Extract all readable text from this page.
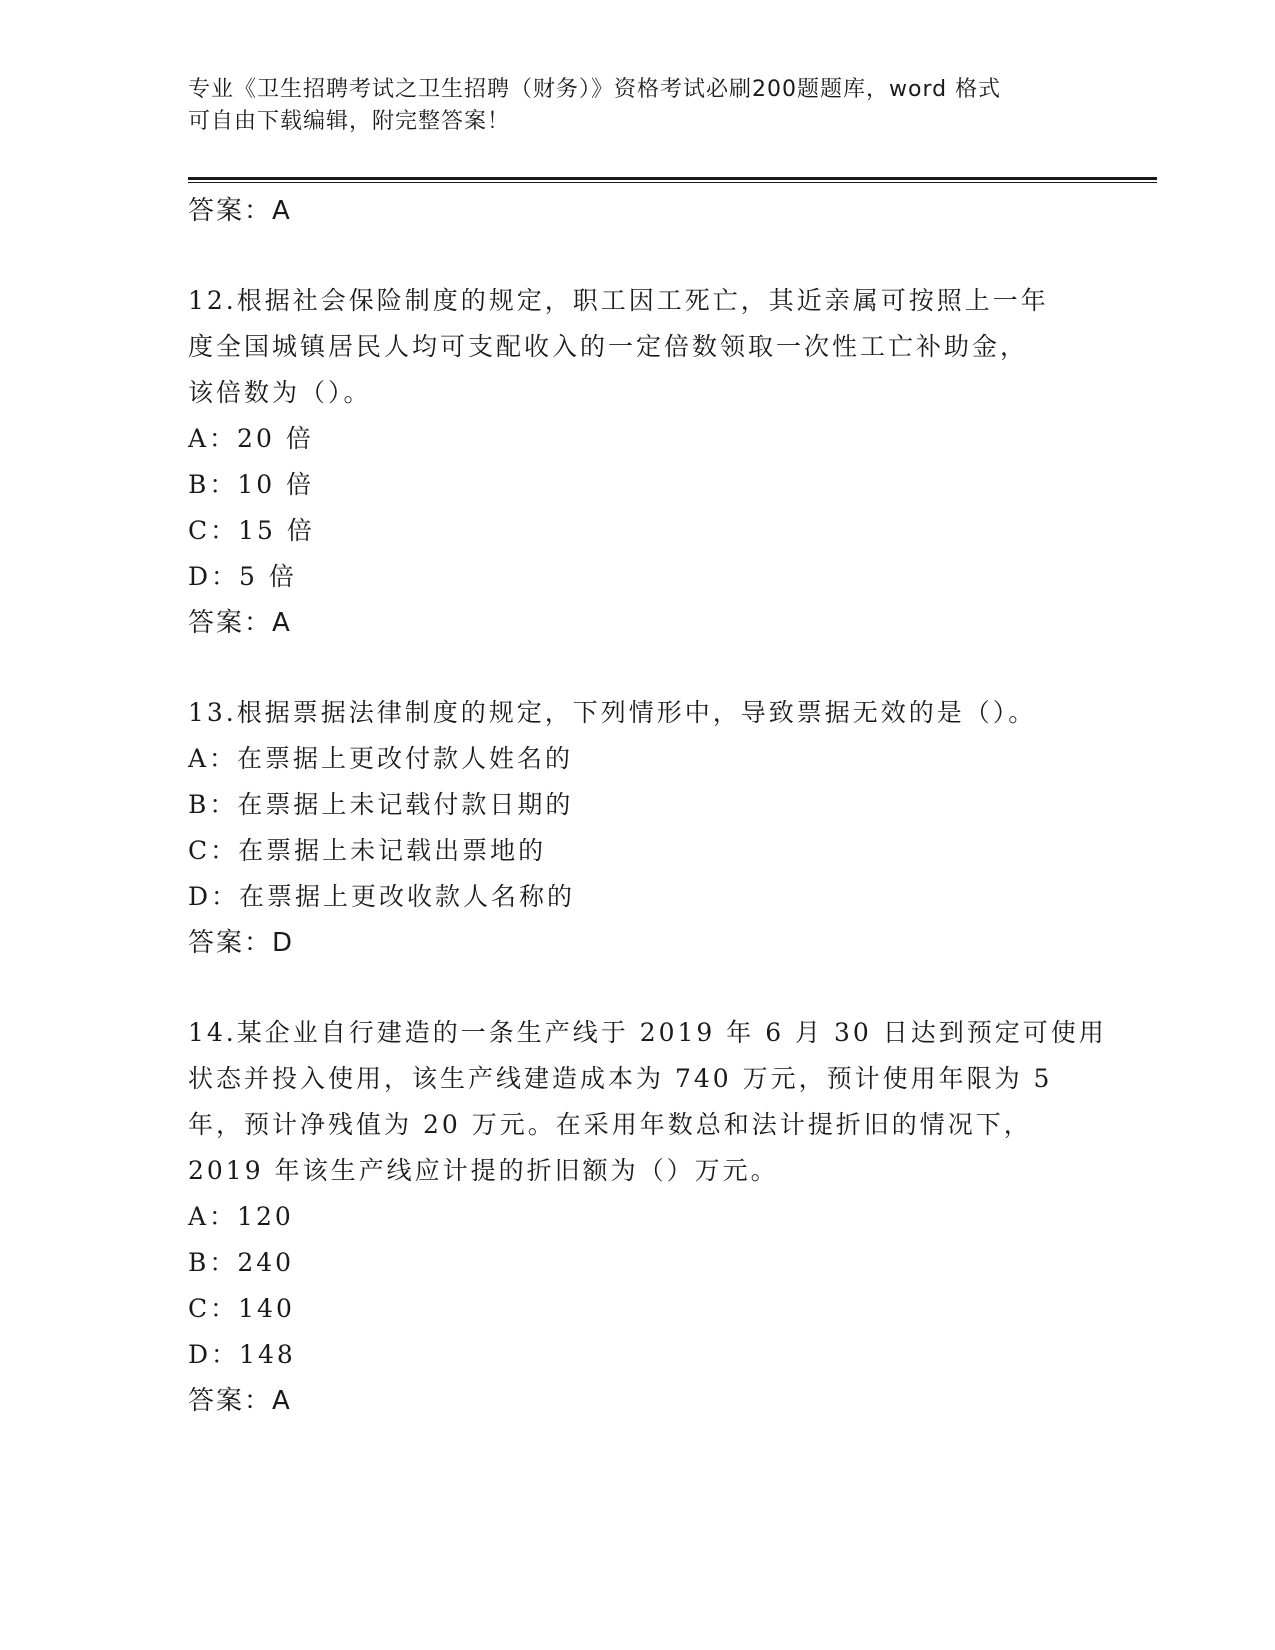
专业《卫生招聘考试之卫生招聘（财务）》资格考试必刷200题题库，word 格式
可自由下载编辑，附完整答案！
答案：A
12.根据社会保险制度的规定，职工因工死亡，其近亲属可按照上一年
度全国城镇居民人均可支配收入的一定倍数领取一次性工亡补助金，
该倍数为（）。
A：20 倍
B：10 倍
C：15 倍
D：5 倍
答案：A
13.根据票据法律制度的规定，下列情形中，导致票据无效的是（）。
A：在票据上更改付款人姓名的
B：在票据上未记载付款日期的
C：在票据上未记载出票地的
D：在票据上更改收款人名称的
答案：D
14.某企业自行建造的一条生产线于 2019 年 6 月 30 日达到预定可使用
状态并投入使用，该生产线建造成本为 740 万元，预计使用年限为 5
年，预计净残值为 20 万元。在采用年数总和法计提折旧的情况下，
2019 年该生产线应计提的折旧额为（）万元。
A：120
B：240
C：140
D：148
答案：A
